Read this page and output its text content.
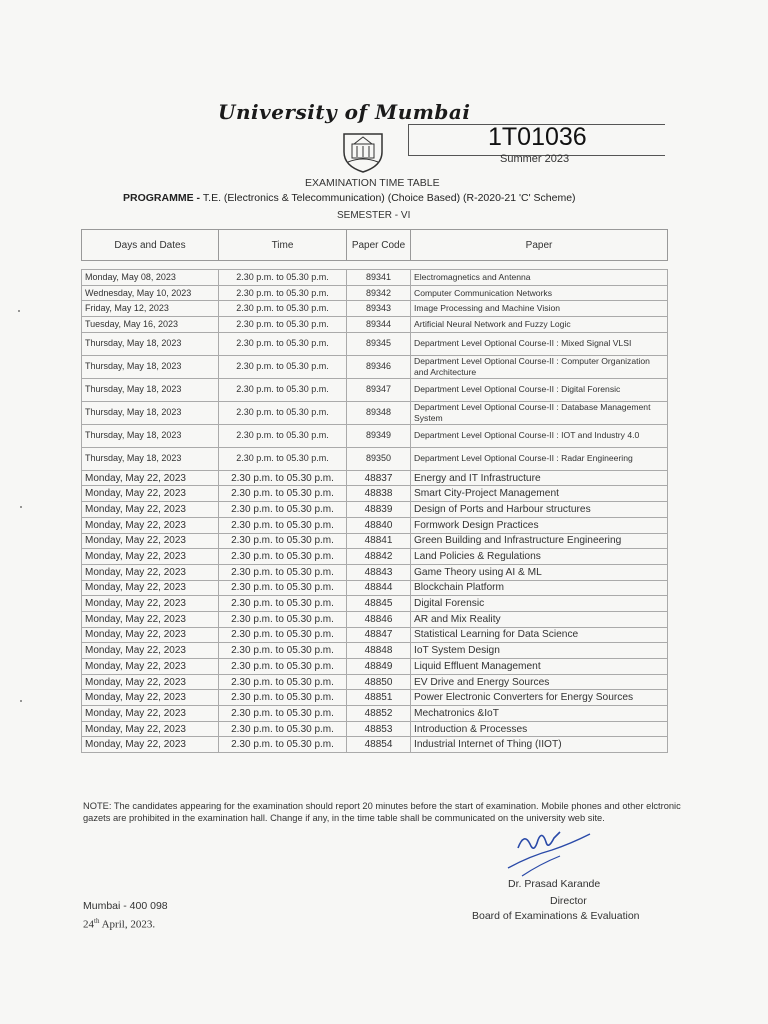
University of Mumbai
1T01036
Summer 2023
EXAMINATION TIME TABLE
PROGRAMME - T.E. (Electronics & Telecommunication) (Choice Based) (R-2020-21 'C' Scheme)
SEMESTER - VI
Days and Dates	Time	Paper Code	Paper

Monday, May 08, 2023	2.30 p.m. to 05.30 p.m.	89341	Electromagnetics and Antenna
Wednesday, May 10, 2023	2.30 p.m. to 05.30 p.m.	89342	Computer Communication Networks
Friday, May 12, 2023	2.30 p.m. to 05.30 p.m.	89343	Image Processing and Machine Vision
Tuesday, May 16, 2023	2.30 p.m. to 05.30 p.m.	89344	Artificial Neural Network and Fuzzy Logic
Thursday, May 18, 2023	2.30 p.m. to 05.30 p.m.	89345	Department Level Optional Course-II : Mixed Signal VLSI
Thursday, May 18, 2023	2.30 p.m. to 05.30 p.m.	89346	Department Level Optional Course-II : Computer Organization and Architecture
Thursday, May 18, 2023	2.30 p.m. to 05.30 p.m.	89347	Department Level Optional Course-II : Digital Forensic
Thursday, May 18, 2023	2.30 p.m. to 05.30 p.m.	89348	Department Level Optional Course-II : Database Management System
Thursday, May 18, 2023	2.30 p.m. to 05.30 p.m.	89349	Department Level Optional Course-II : IOT and Industry 4.0
Thursday, May 18, 2023	2.30 p.m. to 05.30 p.m.	89350	Department Level Optional Course-II : Radar Engineering
Monday, May 22, 2023	2.30 p.m. to 05.30 p.m.	48837	Energy and IT Infrastructure
Monday, May 22, 2023	2.30 p.m. to 05.30 p.m.	48838	Smart City-Project Management
Monday, May 22, 2023	2.30 p.m. to 05.30 p.m.	48839	Design of Ports and Harbour structures
Monday, May 22, 2023	2.30 p.m. to 05.30 p.m.	48840	Formwork Design Practices
Monday, May 22, 2023	2.30 p.m. to 05.30 p.m.	48841	Green Building and Infrastructure Engineering
Monday, May 22, 2023	2.30 p.m. to 05.30 p.m.	48842	Land Policies & Regulations
Monday, May 22, 2023	2.30 p.m. to 05.30 p.m.	48843	Game Theory using AI & ML
Monday, May 22, 2023	2.30 p.m. to 05.30 p.m.	48844	Blockchain Platform
Monday, May 22, 2023	2.30 p.m. to 05.30 p.m.	48845	Digital Forensic
Monday, May 22, 2023	2.30 p.m. to 05.30 p.m.	48846	AR and Mix Reality
Monday, May 22, 2023	2.30 p.m. to 05.30 p.m.	48847	Statistical Learning for Data Science
Monday, May 22, 2023	2.30 p.m. to 05.30 p.m.	48848	IoT System Design
Monday, May 22, 2023	2.30 p.m. to 05.30 p.m.	48849	Liquid Effluent Management
Monday, May 22, 2023	2.30 p.m. to 05.30 p.m.	48850	EV Drive and Energy Sources
Monday, May 22, 2023	2.30 p.m. to 05.30 p.m.	48851	Power Electronic Converters for Energy Sources
Monday, May 22, 2023	2.30 p.m. to 05.30 p.m.	48852	Mechatronics &IoT
Monday, May 22, 2023	2.30 p.m. to 05.30 p.m.	48853	Introduction & Processes
Monday, May 22, 2023	2.30 p.m. to 05.30 p.m.	48854	Industrial Internet of Thing (IIOT)
NOTE: The candidates appearing for the examination should report 20 minutes before the start of examination. Mobile phones and other elctronic gazets are prohibited in the examination hall. Change if any, in the time table shall be communicated on the university web site.
Dr. Prasad Karande
Director
Board of Examinations & Evaluation
Mumbai - 400 098
24th April, 2023.
